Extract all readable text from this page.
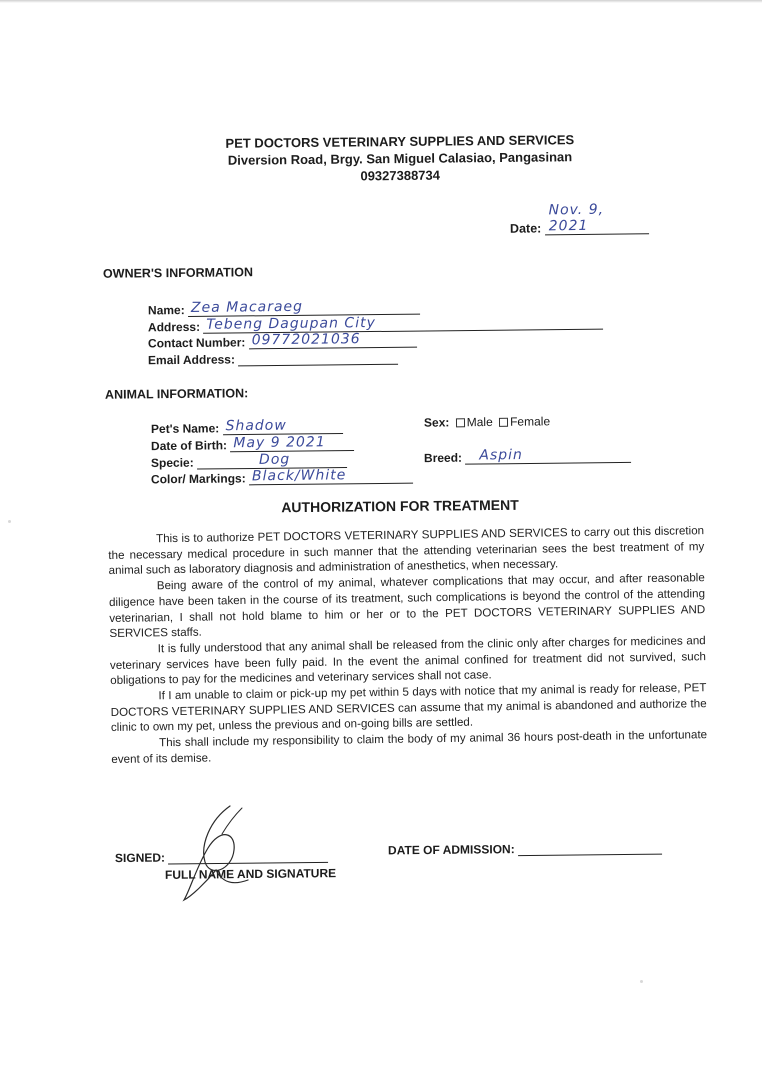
PET DOCTORS VETERINARY SUPPLIES AND SERVICES
Diversion Road, Brgy. San Miguel Calasiao, Pangasinan
09327388734
Date:
Nov. 9, 2021
OWNER'S INFORMATION
Name: Zea Macaraeg
Address: Tebeng Dagupan City
Contact Number: 09772021036
Email Address:
ANIMAL INFORMATION:
Pet's Name: Shadow
Date of Birth: May 9 2021
Specie:	Dog
Color/ Markings: Black/White
Sex: Male Female
Breed: Aspin
AUTHORIZATION FOR TREATMENT

This is to authorize PET DOCTORS VETERINARY SUPPLIES AND SERVICES to carry out this discretion the necessary medical procedure in such manner that the attending veterinarian sees the best treatment of my animal such as laboratory diagnosis and administration of anesthetics, when necessary.

Being aware of the control of my animal, whatever complications that may occur, and after reasonable diligence have been taken in the course of its treatment, such complications is beyond the control of the attending veterinarian, I shall not hold blame to him or her or to the PET DOCTORS VETERINARY SUPPLIES AND SERVICES staffs.

It is fully understood that any animal shall be released from the clinic only after charges for medicines and veterinary services have been fully paid. In the event the animal confined for treatment did not survived, such obligations to pay for the medicines and veterinary services shall not case.

If I am unable to claim or pick-up my pet within 5 days with notice that my animal is ready for release, PET DOCTORS VETERINARY SUPPLIES AND SERVICES can assume that my animal is abandoned and authorize the clinic to own my pet, unless the previous and on-going bills are settled.

This shall include my responsibility to claim the body of my animal 36 hours post-death in the unfortunate event of its demise.

SIGNED:
FULL NAME AND SIGNATURE
DATE OF ADMISSION:
